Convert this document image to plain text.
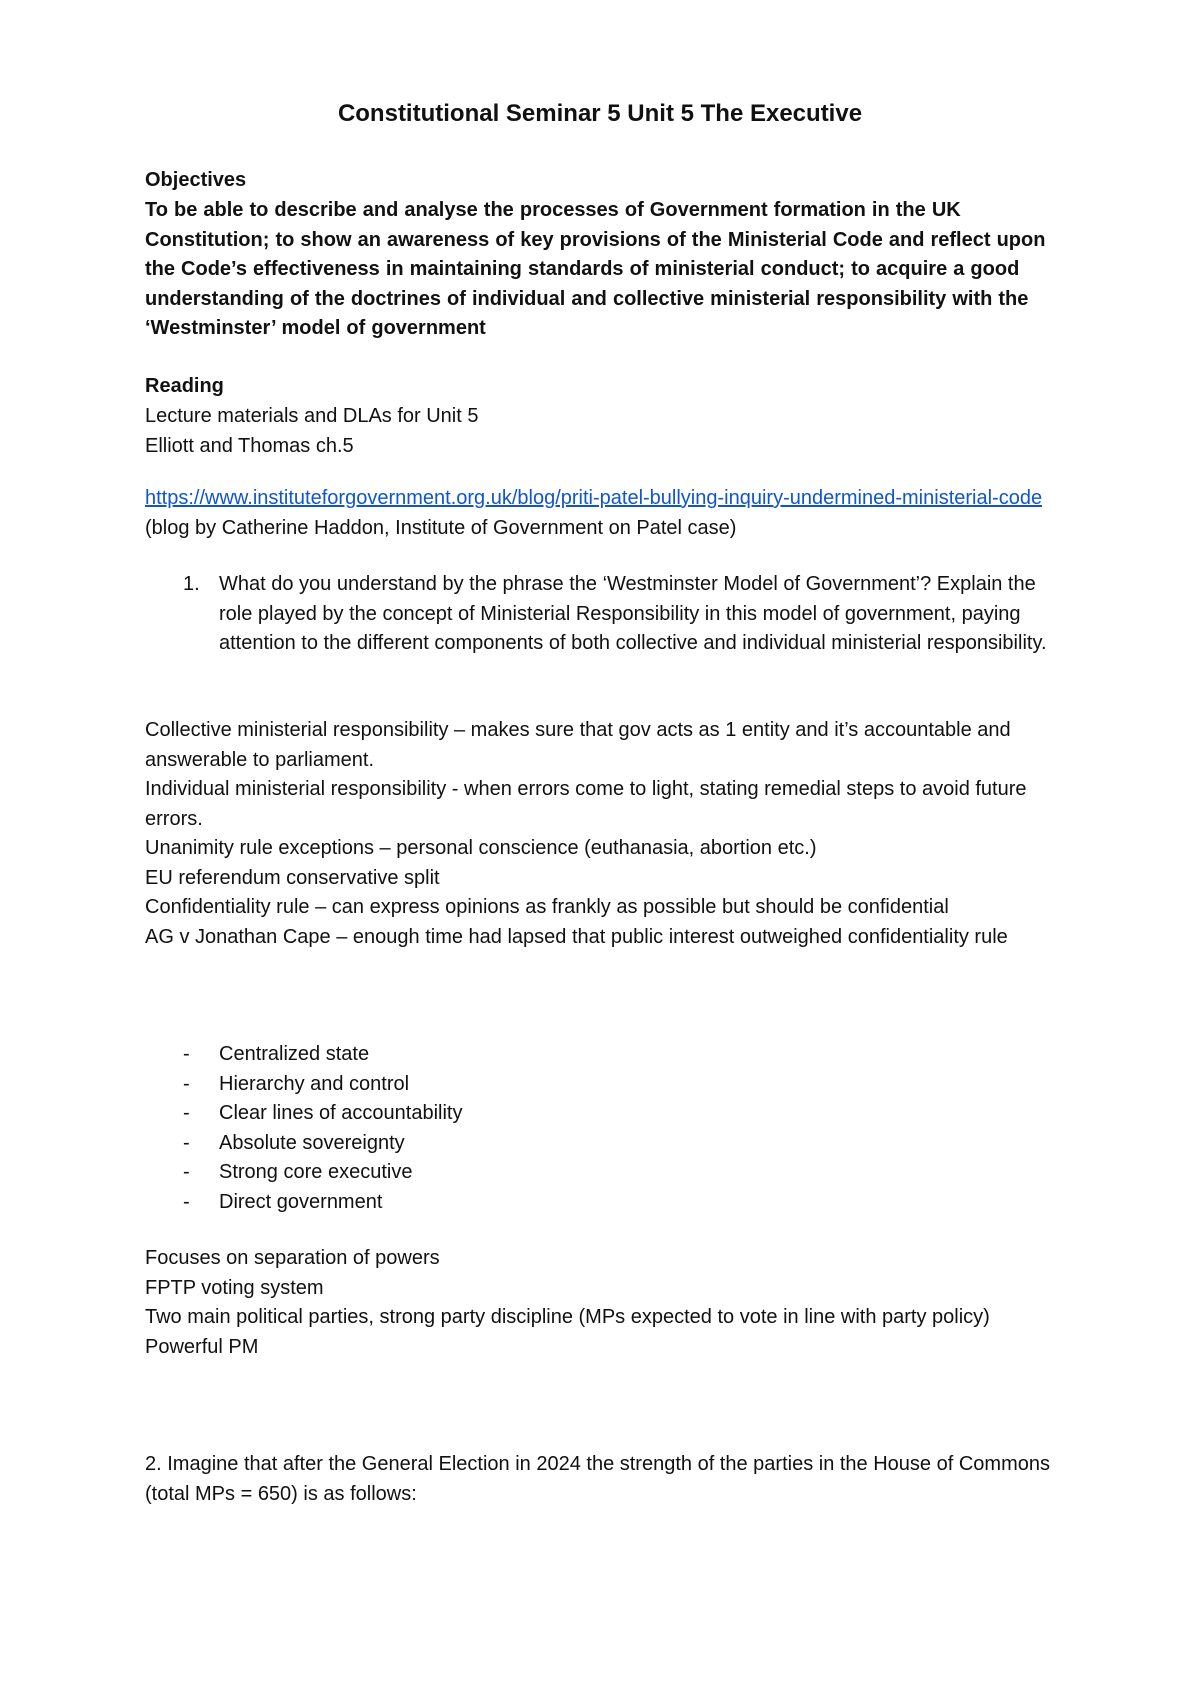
Constitutional Seminar 5 Unit 5 The Executive
Objectives
To be able to describe and analyse the processes of Government formation in the UK Constitution; to show an awareness of key provisions of the Ministerial Code and reflect upon the Code’s effectiveness in maintaining standards of ministerial conduct; to acquire a good understanding of the doctrines of individual and collective ministerial responsibility with the ‘Westminster’ model of government
Reading
Lecture materials and DLAs for Unit 5
Elliott and Thomas ch.5
https://www.instituteforgovernment.org.uk/blog/priti-patel-bullying-inquiry-undermined-ministerial-code (blog by Catherine Haddon, Institute of Government on Patel case)
1. What do you understand by the phrase the ‘Westminster Model of Government’? Explain the role played by the concept of Ministerial Responsibility in this model of government, paying attention to the different components of both collective and individual ministerial responsibility.
Collective ministerial responsibility – makes sure that gov acts as 1 entity and it’s accountable and answerable to parliament.
Individual ministerial responsibility - when errors come to light, stating remedial steps to avoid future errors.
Unanimity rule exceptions – personal conscience (euthanasia, abortion etc.)
EU referendum conservative split
Confidentiality rule – can express opinions as frankly as possible but should be confidential
AG v Jonathan Cape – enough time had lapsed that public interest outweighed confidentiality rule
- Centralized state
- Hierarchy and control
- Clear lines of accountability
- Absolute sovereignty
- Strong core executive
- Direct government
Focuses on separation of powers
FPTP voting system
Two main political parties, strong party discipline (MPs expected to vote in line with party policy)
Powerful PM
2. Imagine that after the General Election in 2024 the strength of the parties in the House of Commons (total MPs = 650) is as follows:
